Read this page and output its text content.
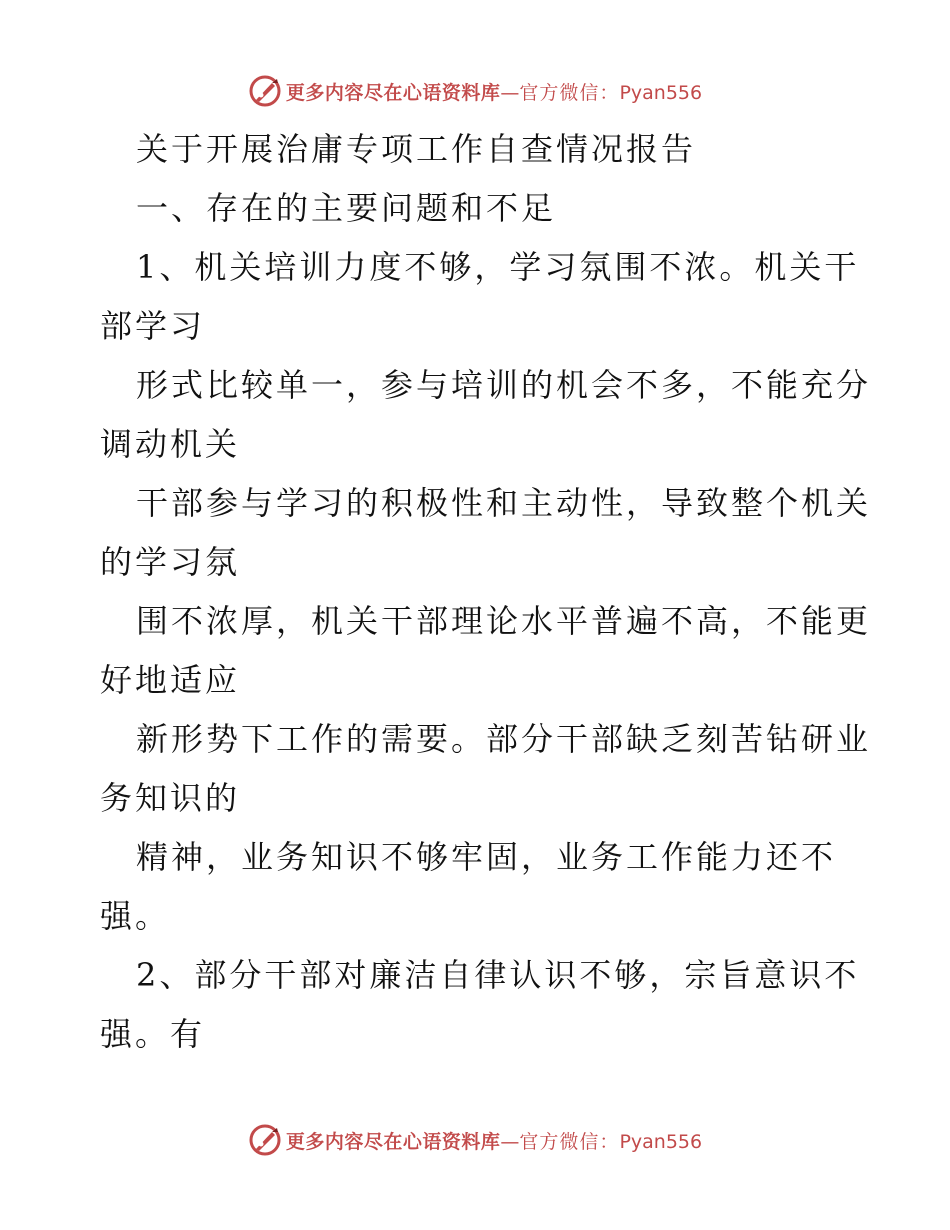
更多内容尽在心语资料库—官方微信：Pyan556
关于开展治庸专项工作自查情况报告
一、存在的主要问题和不足
1、机关培训力度不够，学习氛围不浓。机关干
部学习
形式比较单一，参与培训的机会不多，不能充分
调动机关
干部参与学习的积极性和主动性，导致整个机关
的学习氛
围不浓厚，机关干部理论水平普遍不高，不能更
好地适应
新形势下工作的需要。部分干部缺乏刻苦钻研业
务知识的
精神，业务知识不够牢固，业务工作能力还不
强。
2、部分干部对廉洁自律认识不够，宗旨意识不
强。有
更多内容尽在心语资料库—官方微信：Pyan556
